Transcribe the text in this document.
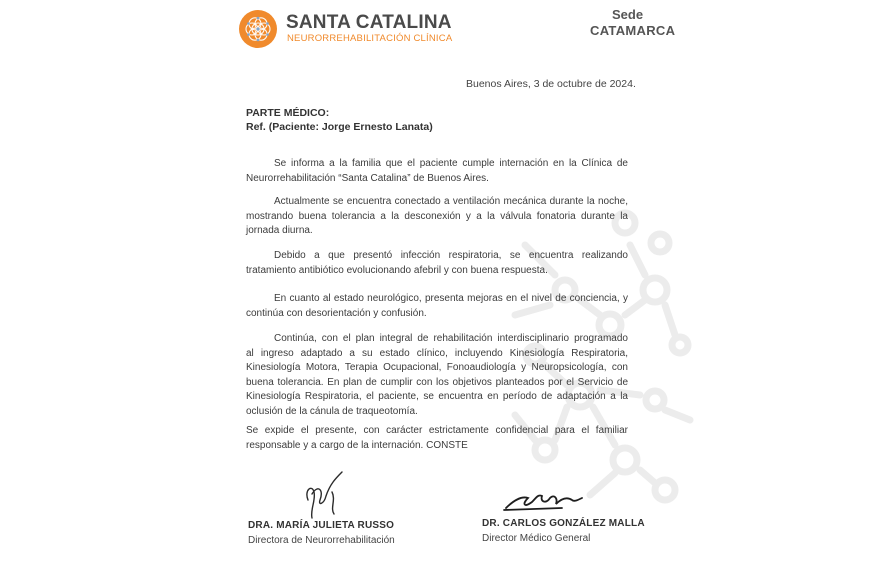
SANTA CATALINA
NEURORREHABILITACIÓN CLÍNICA
Sede
CATAMARCA
Buenos Aires, 3 de octubre de 2024.
PARTE MÉDICO:
Ref. (Paciente: Jorge Ernesto Lanata)
Se informa a la familia que el paciente cumple internación en la Clínica de
Neurorrehabilitación “Santa Catalina” de Buenos Aires.
Actualmente se encuentra conectado a ventilación mecánica durante la noche,
mostrando buena tolerancia a la desconexión y a la válvula fonatoria durante la
jornada diurna.
Debido a que presentó infección respiratoria, se encuentra realizando
tratamiento antibiótico evolucionando afebril y con buena respuesta.
En cuanto al estado neurológico, presenta mejoras en el nivel de conciencia, y
continúa con desorientación y confusión.
Continúa, con el plan integral de rehabilitación interdisciplinario programado
al ingreso adaptado a su estado clínico, incluyendo Kinesiología Respiratoria,
Kinesiología Motora, Terapia Ocupacional, Fonoaudiología y Neuropsicología, con
buena tolerancia. En plan de cumplir con los objetivos planteados por el Servicio de
Kinesiología Respiratoria, el paciente, se encuentra en período de adaptación a la
oclusión de la cánula de traqueotomía.
Se expide el presente, con carácter estrictamente confidencial para el familiar
responsable y a cargo de la internación. CONSTE
DRA. MARÍA JULIETA RUSSO
Directora de Neurorrehabilitación
DR. CARLOS GONZÁLEZ MALLA
Director Médico General
